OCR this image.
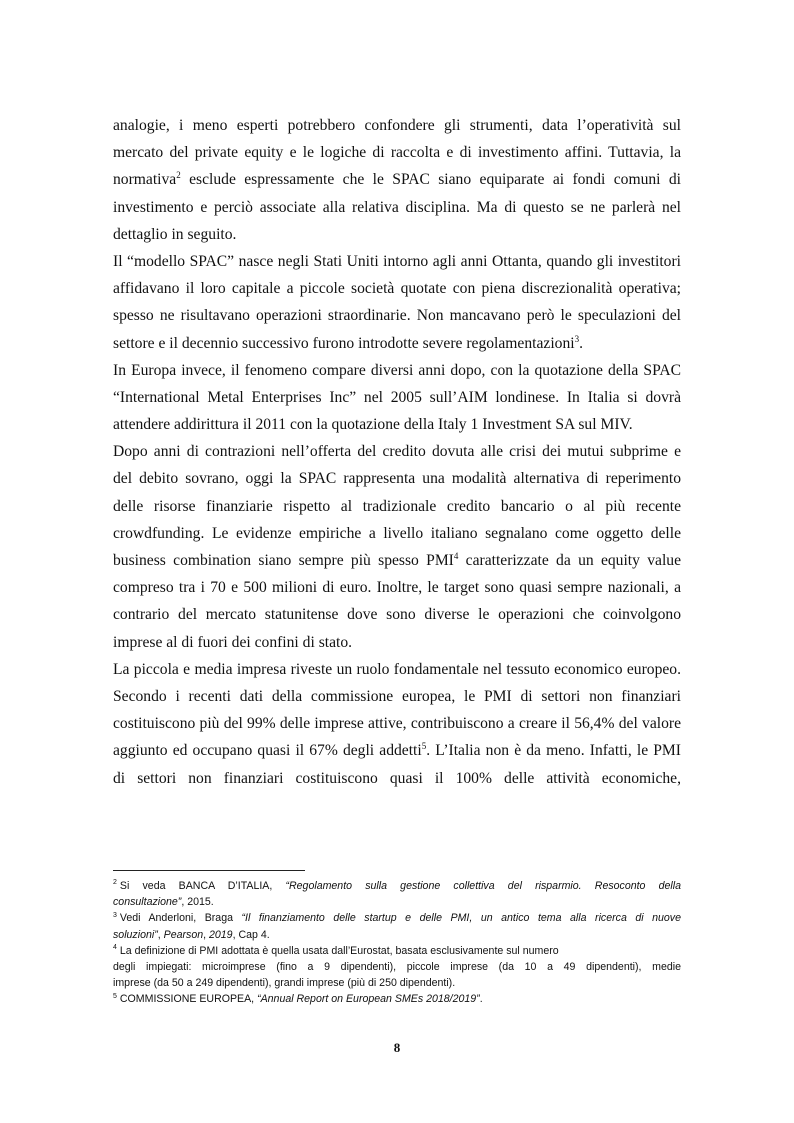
analogie, i meno esperti potrebbero confondere gli strumenti, data l’operatività sul
mercato del private equity e le logiche di raccolta e di investimento affini. Tuttavia, la
normativa$^2$ esclude espressamente che le SPAC siano equiparate ai fondi comuni di
investimento e perciò associate alla relativa disciplina. Ma di questo se ne parlerà nel
dettaglio in seguito.
Il “modello SPAC” nasce negli Stati Uniti intorno agli anni Ottanta, quando gli investitori
affidavano il loro capitale a piccole società quotate con piena discrezionalità operativa;
spesso ne risultavano operazioni straordinarie. Non mancavano però le speculazioni del
settore e il decennio successivo furono introdotte severe regolamentazioni$^3$.
In Europa invece, il fenomeno compare diversi anni dopo, con la quotazione della SPAC
“International Metal Enterprises Inc” nel 2005 sull’AIM londinese. In Italia si dovrà
attendere addirittura il 2011 con la quotazione della Italy 1 Investment SA sul MIV.
Dopo anni di contrazioni nell’offerta del credito dovuta alle crisi dei mutui subprime e
del debito sovrano, oggi la SPAC rappresenta una modalità alternativa di reperimento
delle risorse finanziarie rispetto al tradizionale credito bancario o al più recente
crowdfunding. Le evidenze empiriche a livello italiano segnalano come oggetto delle
business combination siano sempre più spesso PMI$^4$ caratterizzate da un equity value
compreso tra i 70 e 500 milioni di euro. Inoltre, le target sono quasi sempre nazionali, a
contrario del mercato statunitense dove sono diverse le operazioni che coinvolgono
imprese al di fuori dei confini di stato.
La piccola e media impresa riveste un ruolo fondamentale nel tessuto economico europeo.
Secondo i recenti dati della commissione europea, le PMI di settori non finanziari
costituiscono più del 99% delle imprese attive, contribuiscono a creare il 56,4% del valore
aggiunto ed occupano quasi il 67% degli addetti$^5$. L’Italia non è da meno. Infatti, le PMI
di settori non finanziari costituiscono quasi il 100% delle attività economiche,
$^2$ Si veda BANCA D’ITALIA, “Regolamento sulla gestione collettiva del risparmio. Resoconto della
consultazione”, 2015.
$^3$ Vedi Anderloni, Braga “Il finanziamento delle startup e delle PMI, un antico tema alla ricerca di nuove
soluzioni”, Pearson, 2019, Cap 4.
$^4$ La definizione di PMI adottata è quella usata dall’Eurostat, basata esclusivamente sul numero
degli impiegati: microimprese (fino a 9 dipendenti), piccole imprese (da 10 a 49 dipendenti), medie
imprese (da 50 a 249 dipendenti), grandi imprese (più di 250 dipendenti).
$^5$ COMMISSIONE EUROPEA, “Annual Report on European SMEs 2018/2019”.
8
